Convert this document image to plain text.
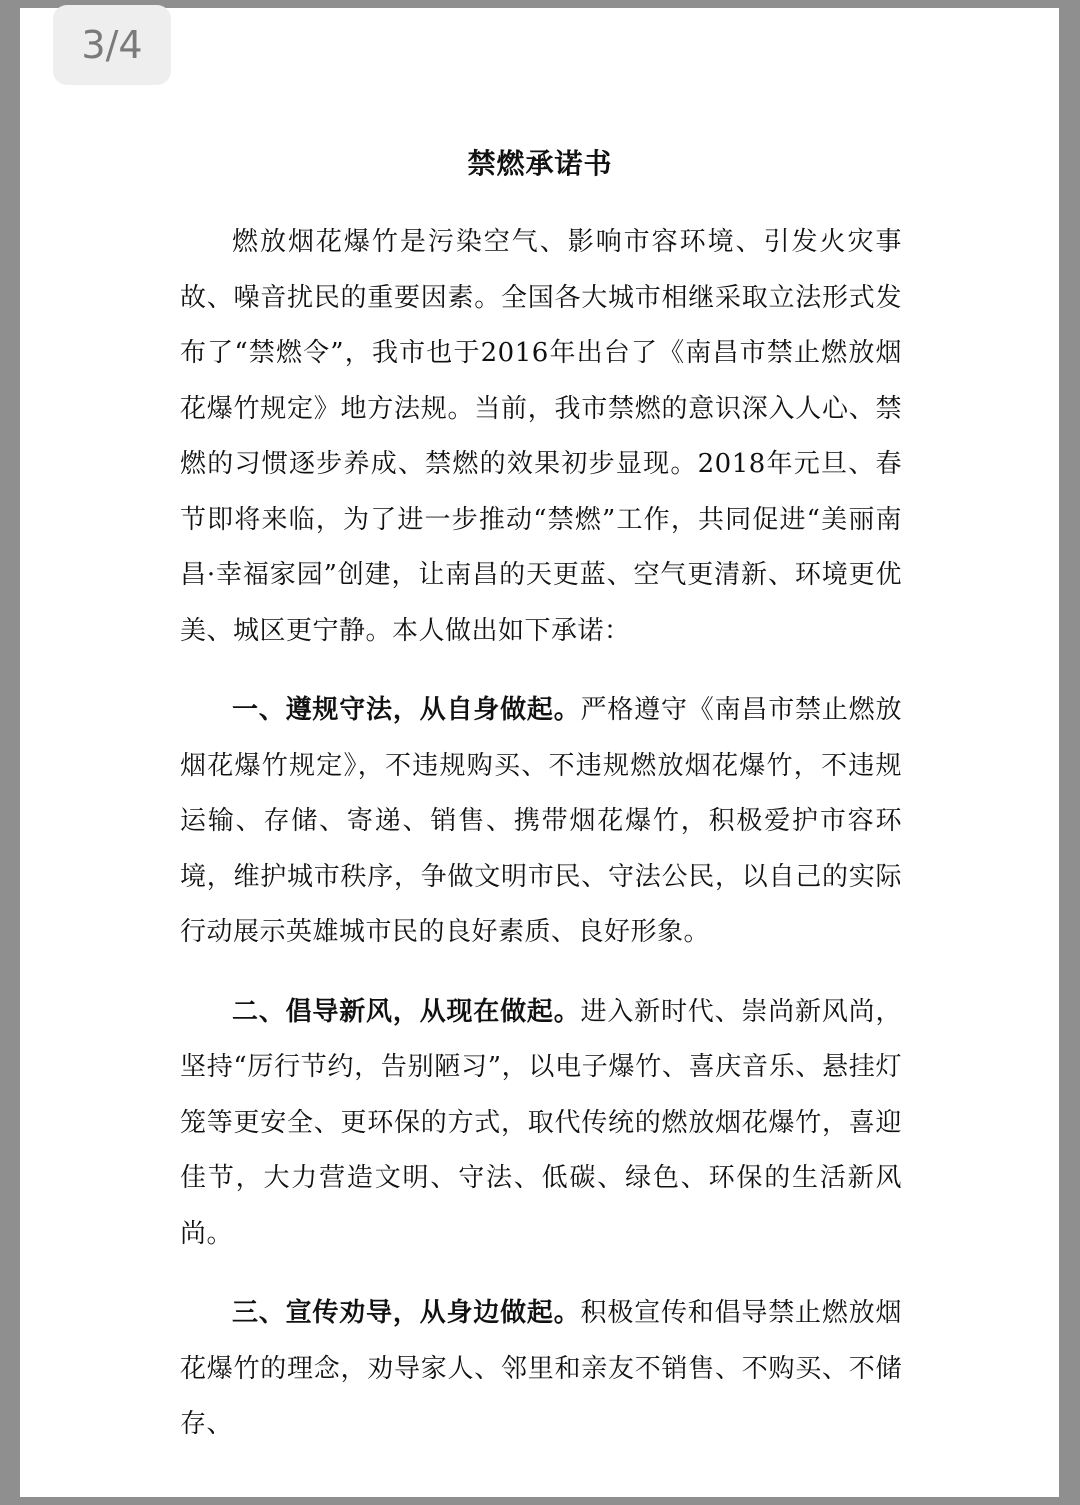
3/4
禁燃承诺书

燃放烟花爆竹是污染空气、影响市容环境、引发火灾事故、噪音扰民的重要因素。全国各大城市相继采取立法形式发布了“禁燃令”，我市也于2016年出台了《南昌市禁止燃放烟花爆竹规定》地方法规。当前，我市禁燃的意识深入人心、禁燃的习惯逐步养成、禁燃的效果初步显现。2018年元旦、春节即将来临，为了进一步推动“禁燃”工作，共同促进“美丽南昌·幸福家园”创建，让南昌的天更蓝、空气更清新、环境更优美、城区更宁静。本人做出如下承诺：

一、遵规守法，从自身做起。严格遵守《南昌市禁止燃放烟花爆竹规定》，不违规购买、不违规燃放烟花爆竹，不违规运输、存储、寄递、销售、携带烟花爆竹，积极爱护市容环境，维护城市秩序，争做文明市民、守法公民，以自己的实际行动展示英雄城市民的良好素质、良好形象。

二、倡导新风，从现在做起。进入新时代、崇尚新风尚，坚持“厉行节约，告别陋习”，以电子爆竹、喜庆音乐、悬挂灯笼等更安全、更环保的方式，取代传统的燃放烟花爆竹，喜迎佳节，大力营造文明、守法、低碳、绿色、环保的生活新风尚。

三、宣传劝导，从身边做起。积极宣传和倡导禁止燃放烟花爆竹的理念，劝导家人、邻里和亲友不销售、不购买、不储存、
